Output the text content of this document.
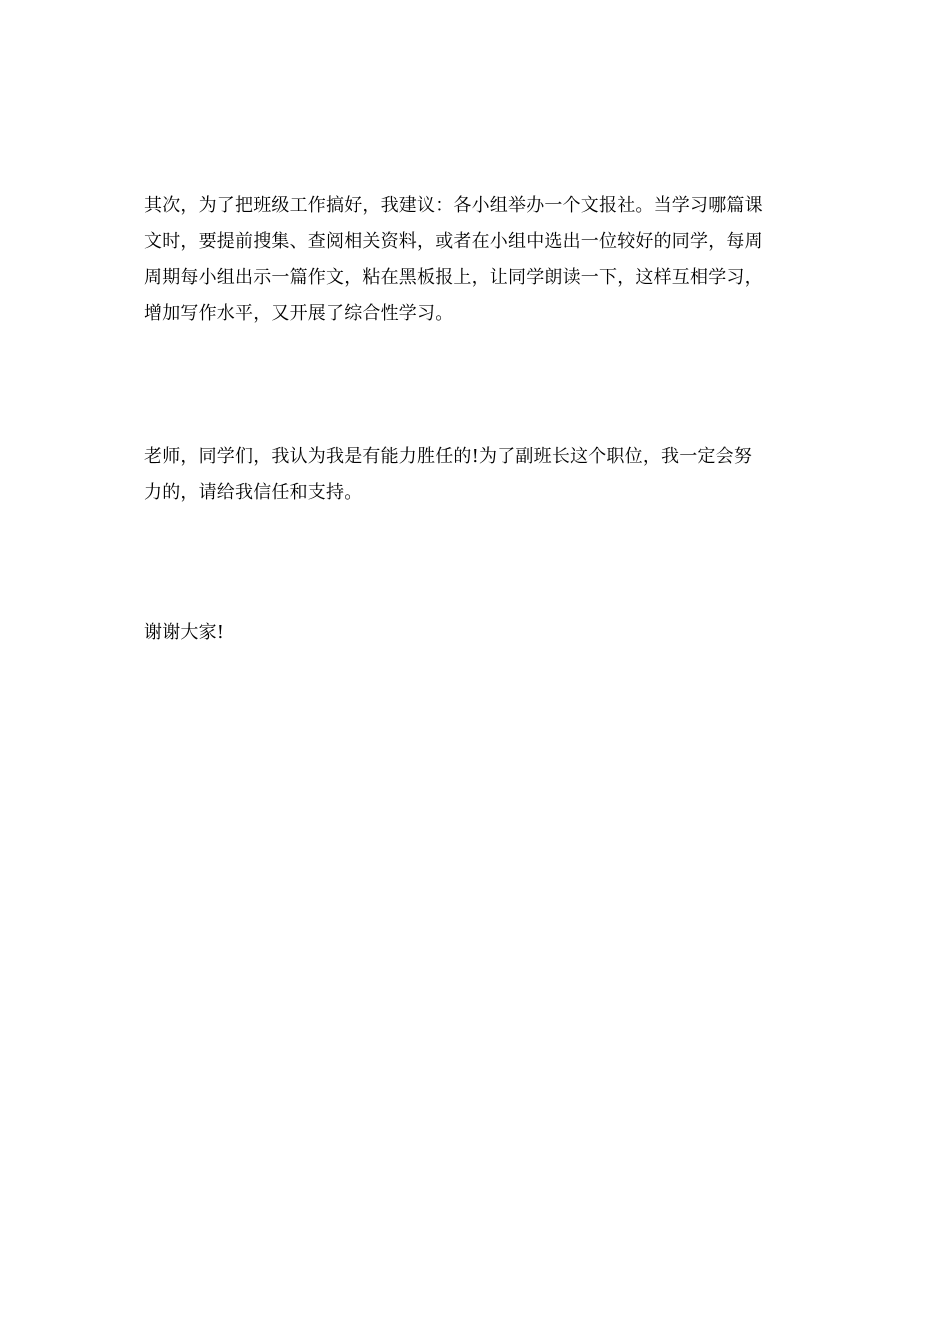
其次，为了把班级工作搞好，我建议：各小组举办一个文报社。当学习哪篇课
文时，要提前搜集、查阅相关资料，或者在小组中选出一位较好的同学，每周
周期每小组出示一篇作文，粘在黑板报上，让同学朗读一下，这样互相学习，
增加写作水平，又开展了综合性学习。
老师，同学们，我认为我是有能力胜任的!为了副班长这个职位，我一定会努
力的，请给我信任和支持。
谢谢大家!
